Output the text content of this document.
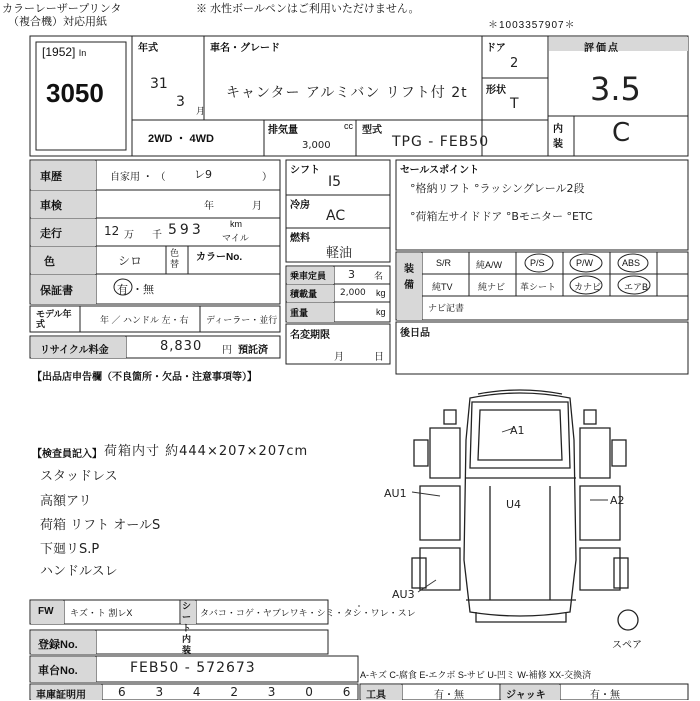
カラーレーザープリンタ
（複合機）対応用紙
※ 水性ボールペンはご利用いただけません。
＊1003357907＊
[1952] In
3050
年式
31
3
月
車名・グレード
キャンター アルミバン リフト付 2t
ドア
2
形状
T
評価点
3.5
内装	C
2WD ・ 4WD
排気量	cc
3,000
型式
TPG - FEB50
車歴	自家用 ・ （	レ9	）
車検	年	月
走行	12 万 千 593	km
マイル
色	シロ
色替
カラーNo.
保証書	有 ・無
モデル年式	年 ／ ハンドル 左・右 ディーラー・並行
リサイクル料金	8,830 円 預託済
シフト
I5
冷房
AC
燃料
軽油
乗車定員 3 名
積載量	2,000 kg
重量	kg
名変期限
月	日
セールスポイント
°格納リフト °ラッシングレール2段
°荷箱左サイドドア °Bモニター °ETC
装備
S/R	純A/W	P/S	P/W	ABS
純TV	純ナビ 革シート カナビ	エアB
ナビ記書
後日品
【出品店申告欄（不良箇所・欠品・注意事項等）】
【検査員記入】 荷箱内寸 約444×207×207cm
スタッドレス
高額アリ
荷箱 リフト オールS
下廻リS.P
ハンドルスレ
A1
AU1
U4	A2
AU3
スペア
FW キズ・ト 割レX
シート内装
タバコ・コゲ・ヤブレワキ・シミ・タシ・ワレ・スレ
登録No.
車台No.	FEB50 - 572673	A-キズ C-腐食 E-エクボ S-サビ U-凹ミ W-補修 XX-交換済
車庫証明用	6 3 4 2 3 0 6 工具	有・無	ジャッキ	有・無
